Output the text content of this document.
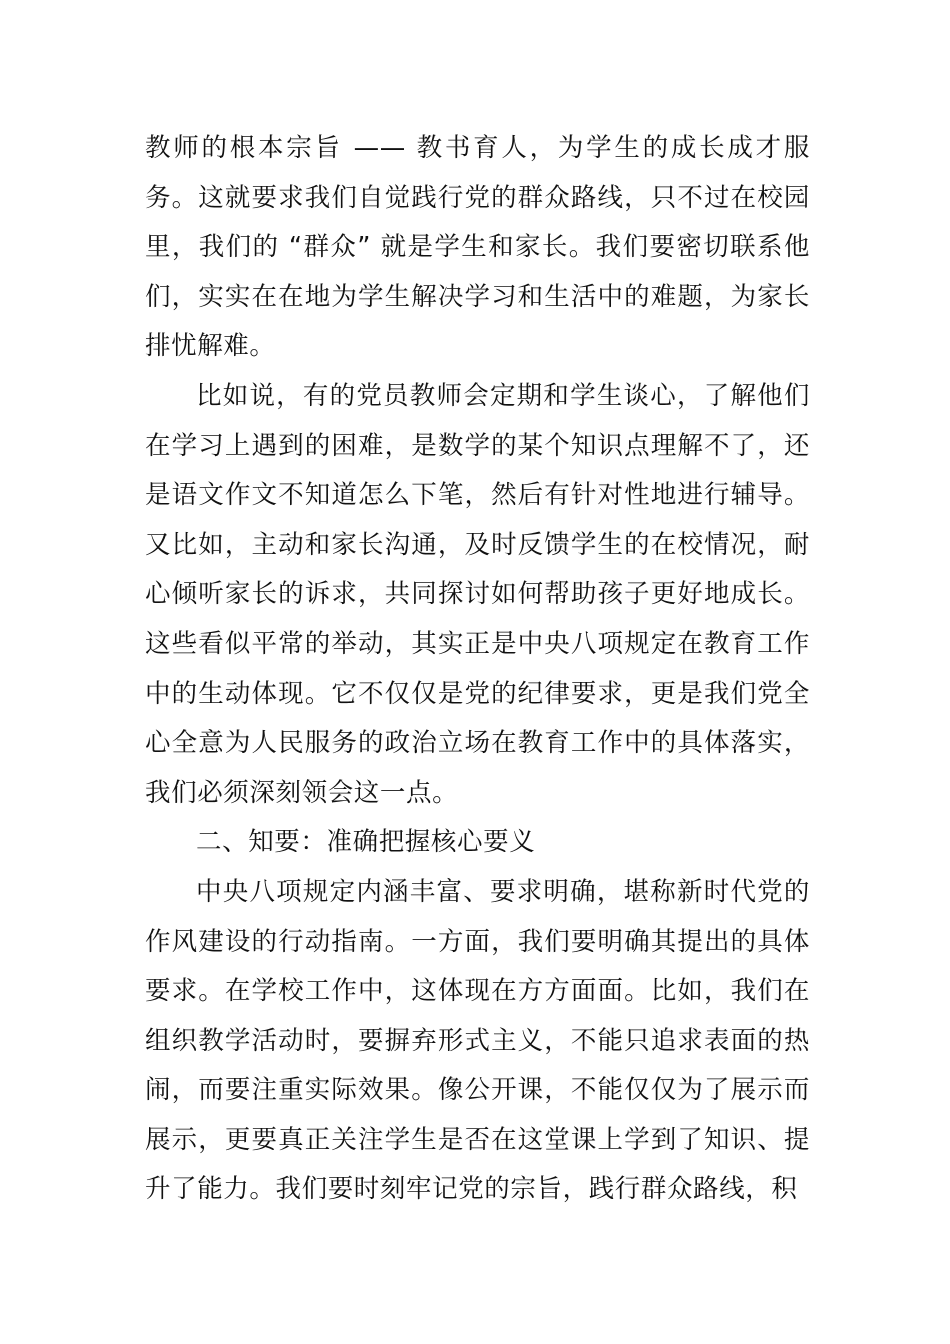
教师的根本宗旨 —— 教书育人，为学生的成长成才服务。这就要求我们自觉践行党的群众路线，只不过在校园里，我们的 “群众” 就是学生和家长。我们要密切联系他们，实实在在地为学生解决学习和生活中的难题，为家长排忧解难。

比如说，有的党员教师会定期和学生谈心，了解他们在学习上遇到的困难，是数学的某个知识点理解不了，还是语文作文不知道怎么下笔，然后有针对性地进行辅导。又比如，主动和家长沟通，及时反馈学生的在校情况，耐心倾听家长的诉求，共同探讨如何帮助孩子更好地成长。这些看似平常的举动，其实正是中央八项规定在教育工作中的生动体现。它不仅仅是党的纪律要求，更是我们党全心全意为人民服务的政治立场在教育工作中的具体落实，我们必须深刻领会这一点。

二、知要：准确把握核心要义

中央八项规定内涵丰富、要求明确，堪称新时代党的作风建设的行动指南。一方面，我们要明确其提出的具体要求。在学校工作中，这体现在方方面面。比如，我们在组织教学活动时，要摒弃形式主义，不能只追求表面的热闹，而要注重实际效果。像公开课，不能仅仅为了展示而展示，更要真正关注学生是否在这堂课上学到了知识、提升了能力。我们要时刻牢记党的宗旨，践行群众路线，积
